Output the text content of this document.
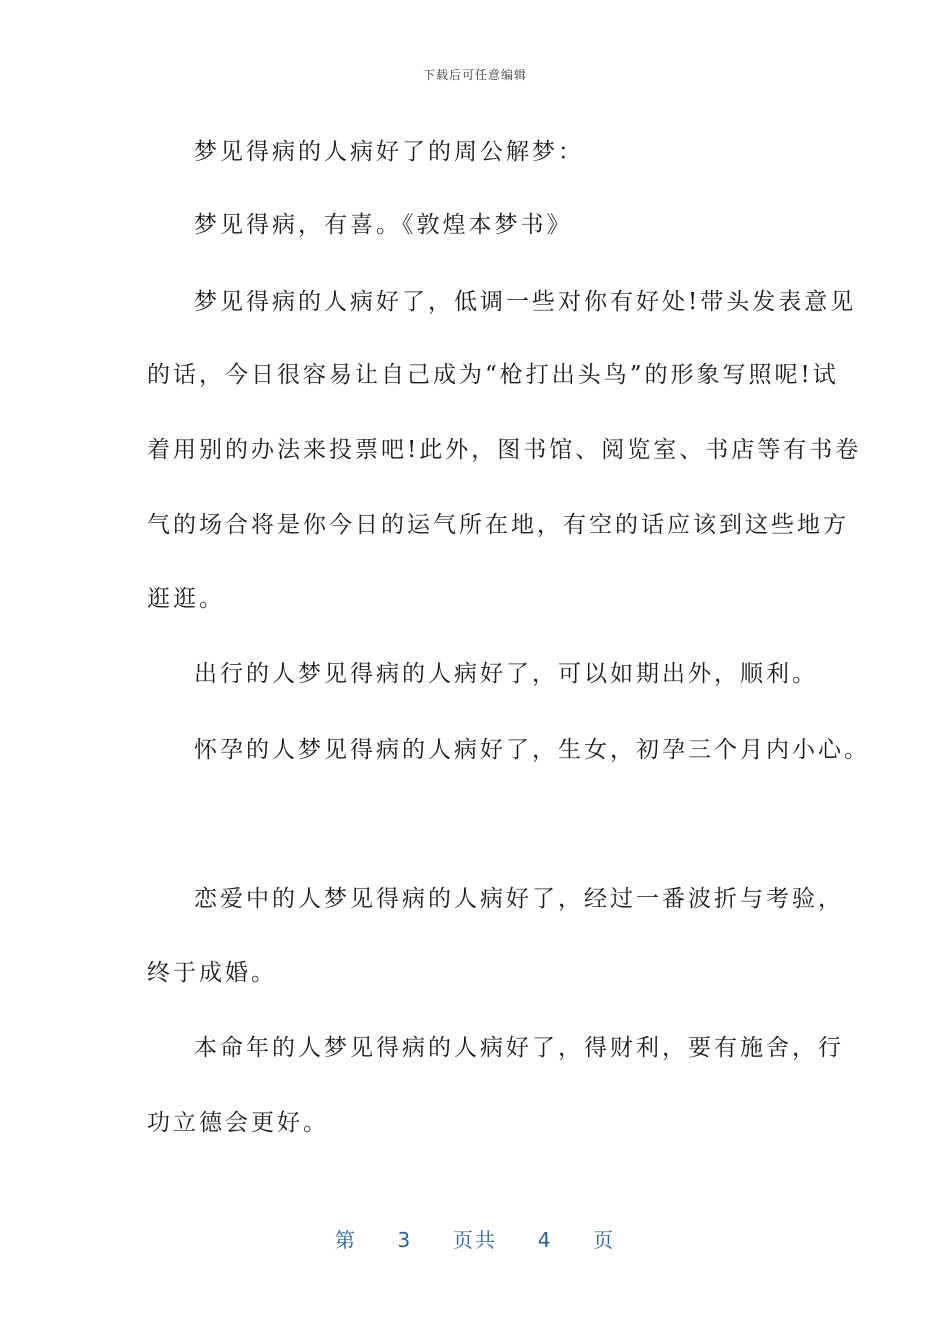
下载后可任意编辑
梦见得病的人病好了的周公解梦：
梦见得病，有喜。《敦煌本梦书》
梦见得病的人病好了，低调一些对你有好处!带头发表意见
的话，今日很容易让自己成为“枪打出头鸟”的形象写照呢!试
着用别的办法来投票吧!此外，图书馆、阅览室、书店等有书卷
气的场合将是你今日的运气所在地，有空的话应该到这些地方
逛逛。
出行的人梦见得病的人病好了，可以如期出外，顺利。
怀孕的人梦见得病的人病好了，生女，初孕三个月内小心。
恋爱中的人梦见得病的人病好了，经过一番波折与考验，
终于成婚。
本命年的人梦见得病的人病好了，得财利，要有施舍，行
功立德会更好。
第 3 页共 4 页
